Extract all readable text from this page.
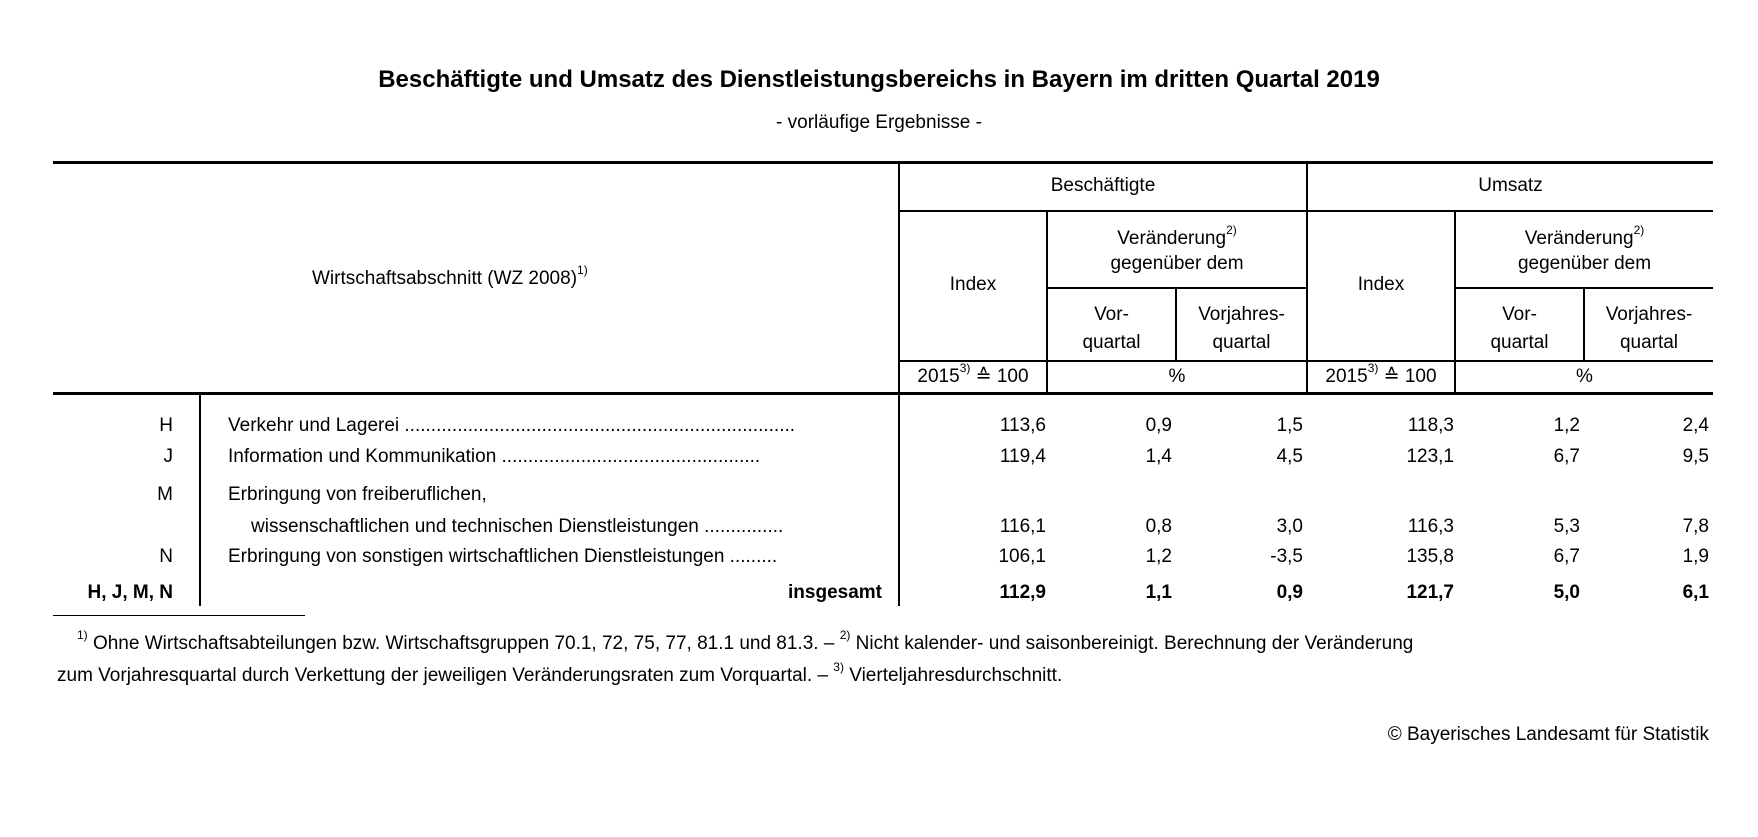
Beschäftigte und Umsatz des Dienstleistungsbereichs in Bayern im dritten Quartal 2019
- vorläufige Ergebnisse -
Wirtschaftsabschnitt (WZ 2008)$^{1)}$
Beschäftigte	Umsatz
Index	Index
Veränderung$^{2)}$
gegenüber dem
Veränderung$^{2)}$
gegenüber dem
Vor-
quartal
Vorjahres-
quartal
Vor-
quartal
Vorjahres-
quartal
2015$^{3)}$ ≙ 100	%	2015$^{3)}$ ≙ 100	%
H	Verkehr und Lagerei ..........................................................................	113,6	0,9	1,5	118,3	1,2	2,4
J	Information und Kommunikation .................................................	119,4	1,4	4,5	123,1	6,7	9,5
M	Erbringung von freiberuflichen,
wissenschaftlichen und technischen Dienstleistungen ...............	116,1	0,8	3,0	116,3	5,3	7,8
N	Erbringung von sonstigen wirtschaftlichen Dienstleistungen .........	106,1	1,2	-3,5	135,8	6,7	1,9
H, J, M, N	insgesamt	112,9	1,1	0,9	121,7	5,0	6,1
$^{1)}$ Ohne Wirtschaftsabteilungen bzw. Wirtschaftsgruppen 70.1, 72, 75, 77, 81.1 und 81.3. – $^{2)}$ Nicht kalender- und saisonbereinigt. Berechnung der Veränderung
zum Vorjahresquartal durch Verkettung der jeweiligen Veränderungsraten zum Vorquartal. – $^{3)}$ Vierteljahresdurchschnitt.
© Bayerisches Landesamt für Statistik
